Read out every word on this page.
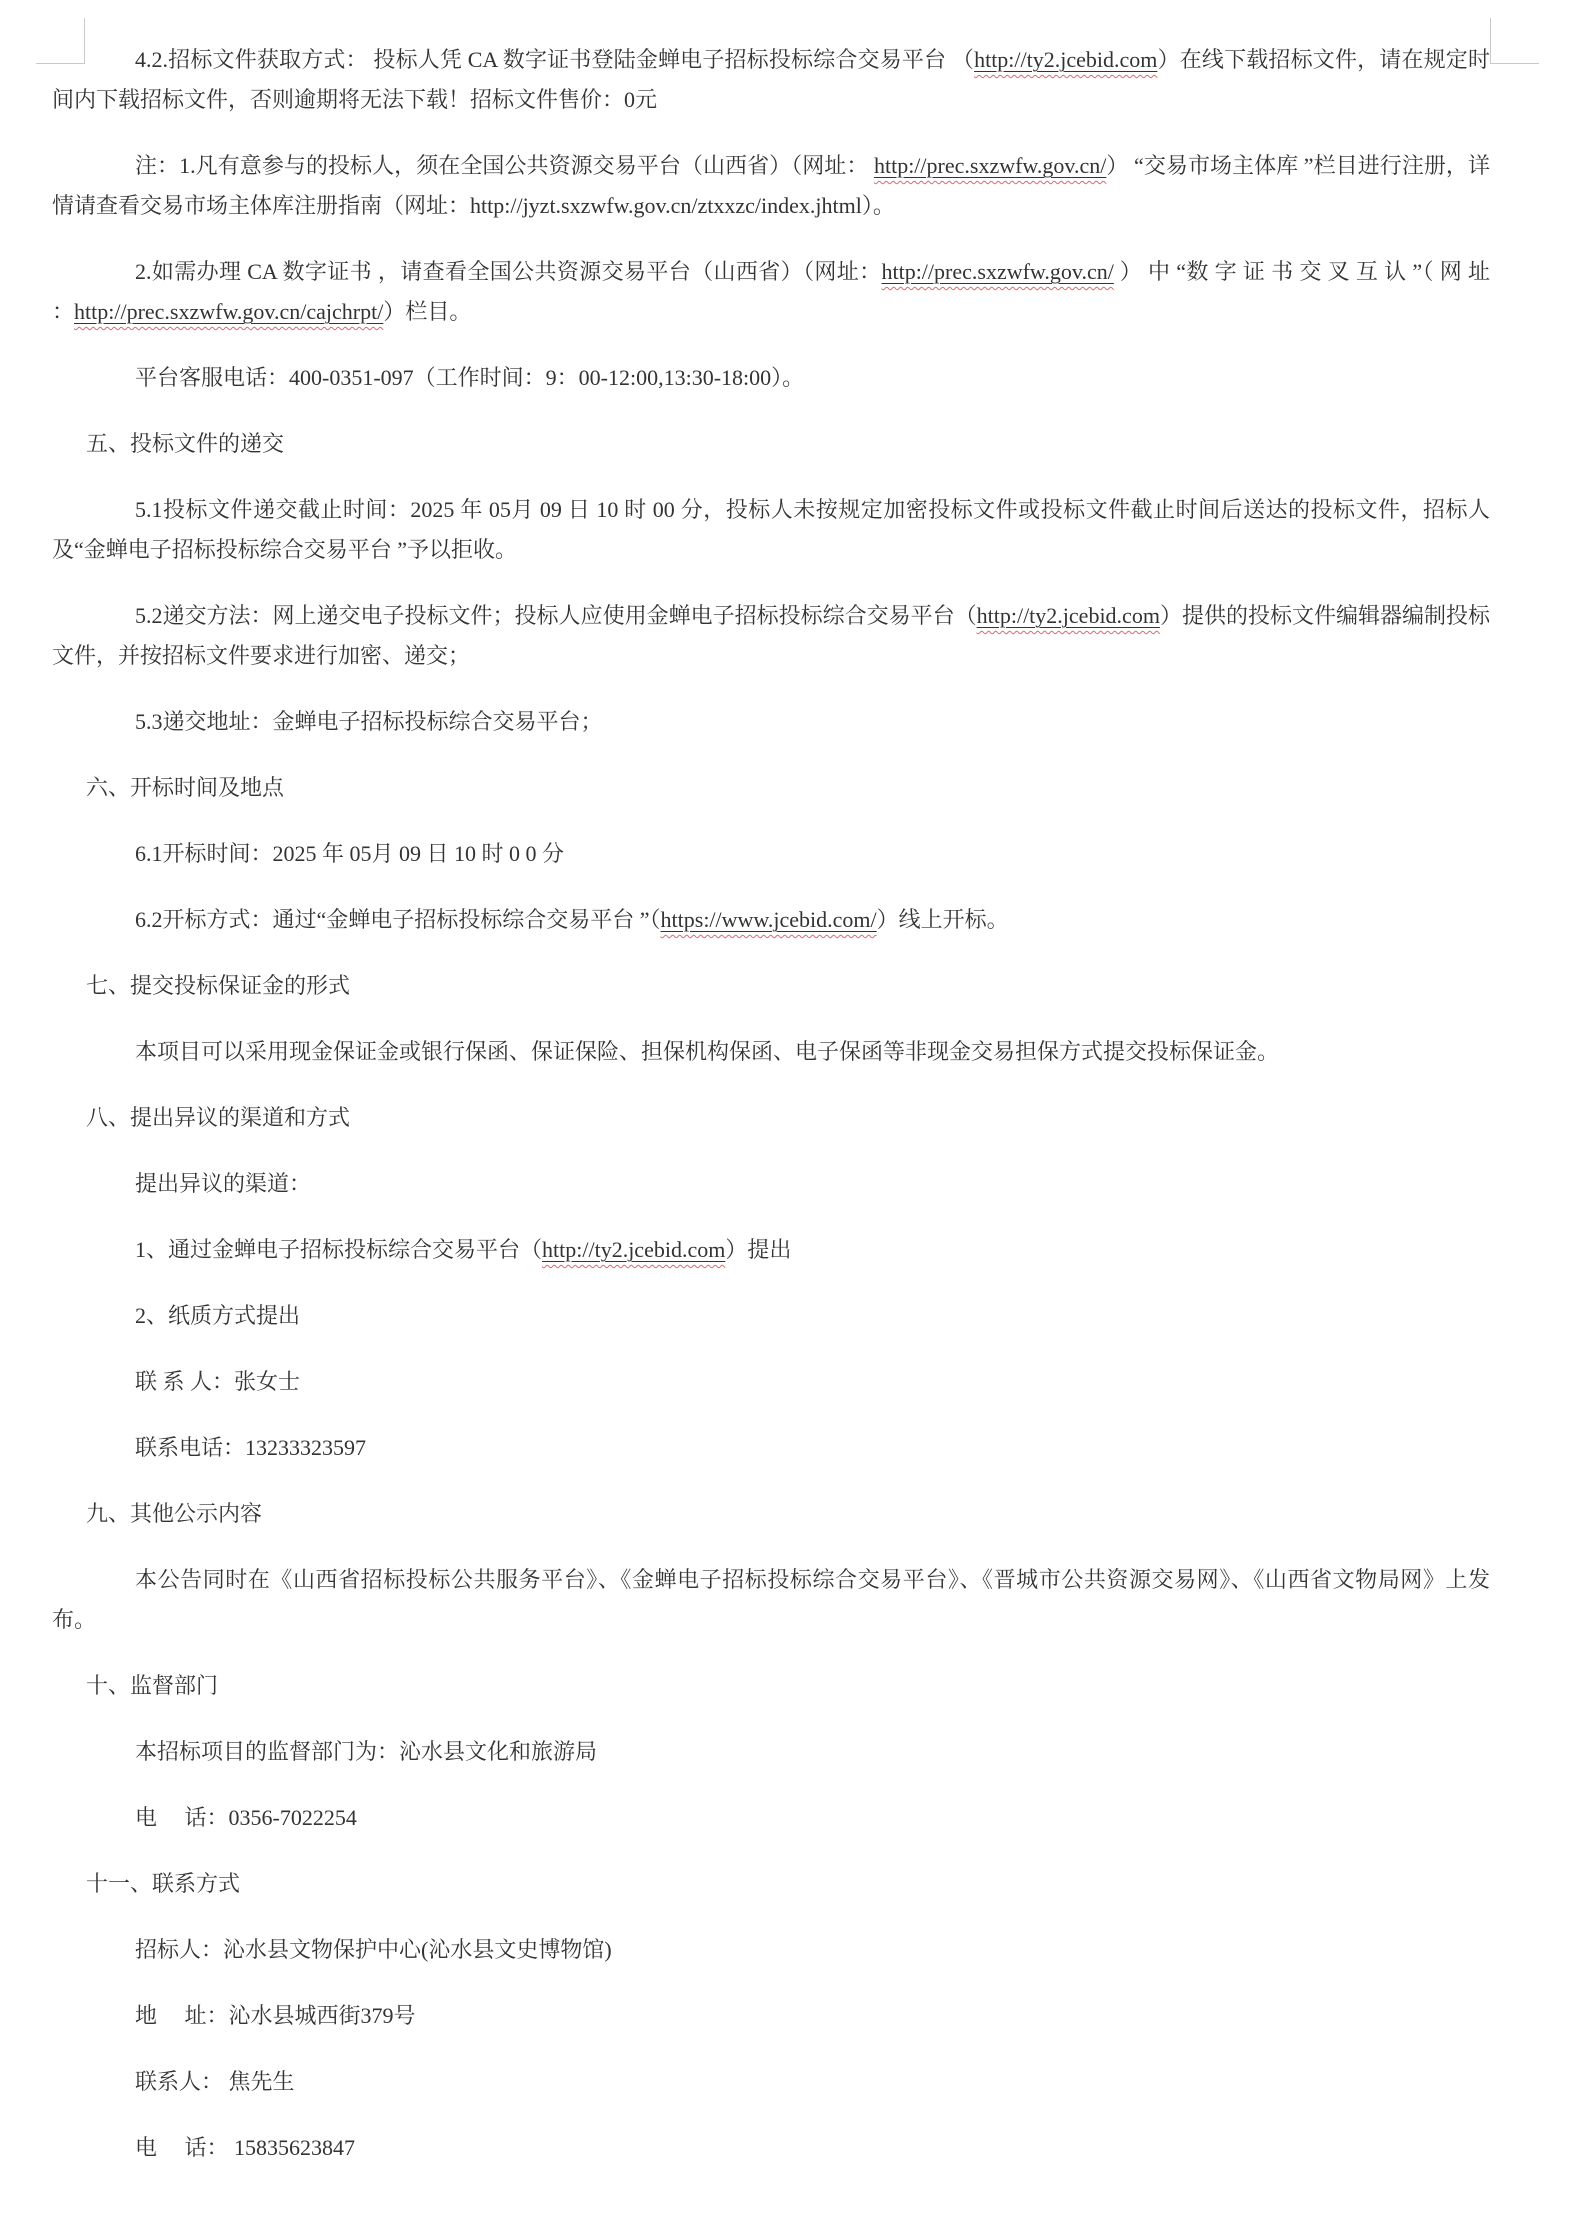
4.2.招标文件获取方式： 投标人凭 CA 数字证书登陆金蝉电子招标投标综合交易平台 （http://ty2.jcebid.com）在线下载招标文件，请在规定时间内下载招标文件，否则逾期将无法下载！招标文件售价：0元

注：1.凡有意参与的投标人，须在全国公共资源交易平台（山西省）（网址： http://prec.sxzwfw.gov.cn/） “交易市场主体库 ”栏目进行注册，详情请查看交易市场主体库注册指南（网址：http://jyzt.sxzwfw.gov.cn/ztxxzc/index.jhtml）。

2.如需办理 CA 数字证书 ，请查看全国公共资源交易平台（山西省）（网址：http://prec.sxzwfw.gov.cn/ ） 中 “数 字 证 书 交 叉 互 认 ”（ 网 址 ：http://prec.sxzwfw.gov.cn/cajchrpt/）栏目。

平台客服电话：400-0351-097（工作时间：9：00-12:00,13:30-18:00）。

五、投标文件的递交

5.1投标文件递交截止时间：2025 年 05月 09 日 10 时 00 分，投标人未按规定加密投标文件或投标文件截止时间后送达的投标文件，招标人及“金蝉电子招标投标综合交易平台 ”予以拒收。

5.2递交方法：网上递交电子投标文件；投标人应使用金蝉电子招标投标综合交易平台（http://ty2.jcebid.com）提供的投标文件编辑器编制投标文件，并按招标文件要求进行加密、递交；

5.3递交地址：金蝉电子招标投标综合交易平台；

六、开标时间及地点

6.1开标时间：2025 年 05月 09 日 10 时 0 0 分

6.2开标方式：通过“金蝉电子招标投标综合交易平台 ”（https://www.jcebid.com/）线上开标。

七、提交投标保证金的形式

本项目可以采用现金保证金或银行保函、保证保险、担保机构保函、电子保函等非现金交易担保方式提交投标保证金。

八、提出异议的渠道和方式

提出异议的渠道：

1、通过金蝉电子招标投标综合交易平台（http://ty2.jcebid.com）提出

2、纸质方式提出

联 系 人：张女士

联系电话：13233323597

九、其他公示内容

本公告同时在《山西省招标投标公共服务平台》、《金蝉电子招标投标综合交易平台》、《晋城市公共资源交易网》、《山西省文物局网》上发布。

十、监督部门

本招标项目的监督部门为：沁水县文化和旅游局

电　 话：0356-7022254

十一、联系方式

招标人：沁水县文物保护中心(沁水县文史博物馆)

地　 址：沁水县城西街379号

联系人： 焦先生

电　 话： 15835623847
